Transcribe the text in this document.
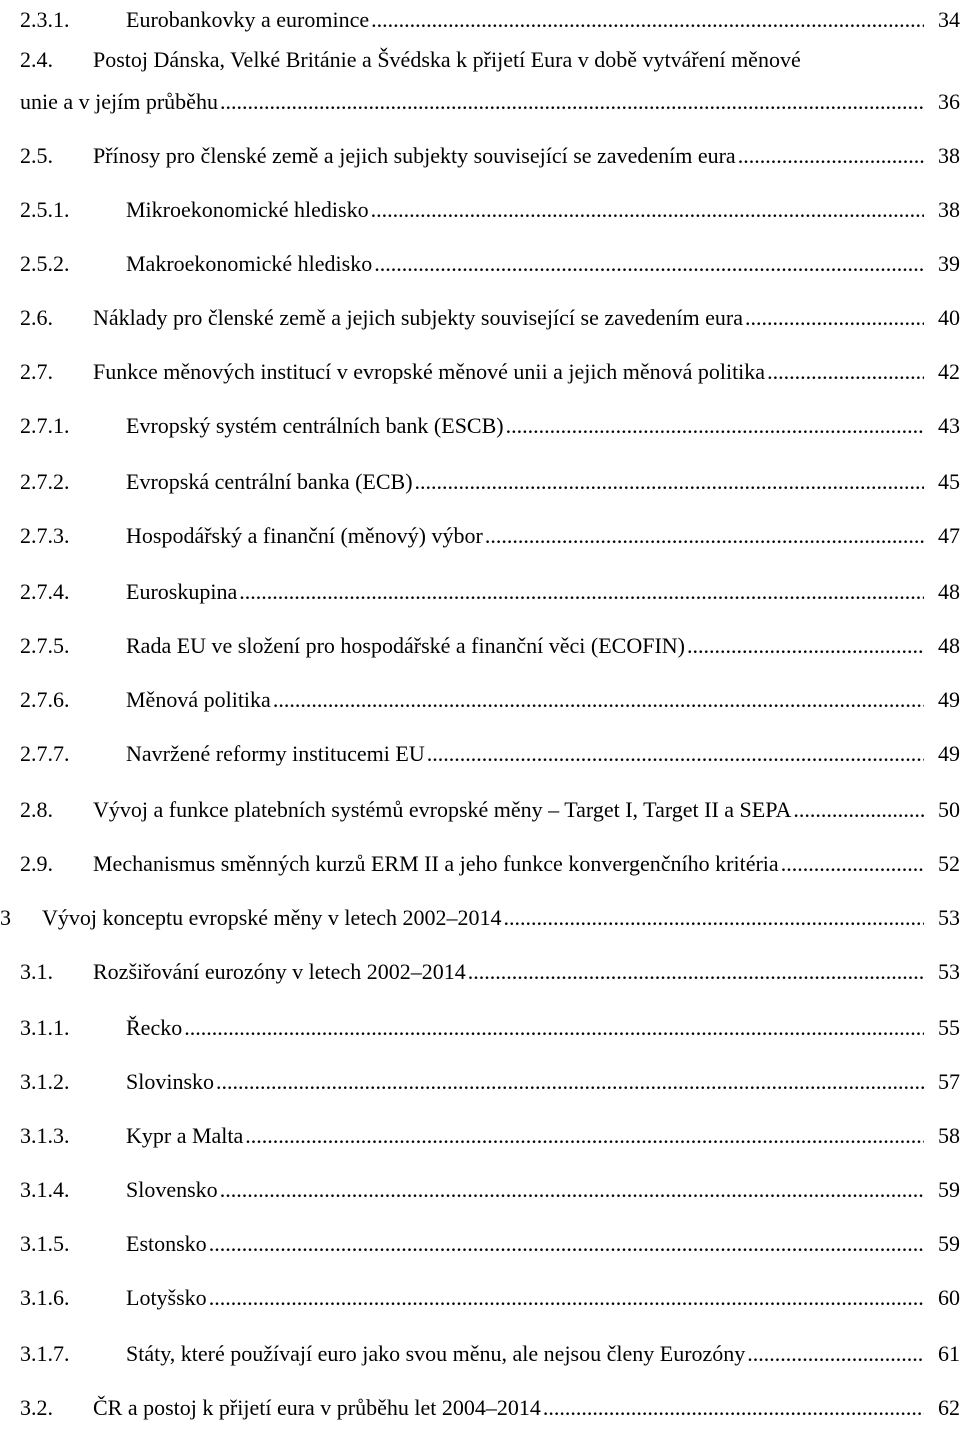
2.3.1.	Eurobankovky a euromince .....	34
2.4. Postoj Dánska, Velké Británie a Švédska k přijetí Eura v době vytváření měnové
unie a v jejím průběhu .....	36
2.5. Přínosy pro členské země a jejich subjekty související se zavedením eura .....	38
2.5.1.	Mikroekonomické hledisko .....	38
2.5.2.	Makroekonomické hledisko .....	39
2.6. Náklady pro členské země a jejich subjekty související se zavedením eura .....	40
2.7. Funkce měnových institucí v evropské měnové unii a jejich měnová politika .....	42
2.7.1.	Evropský systém centrálních bank (ESCB) .....	43
2.7.2.	Evropská centrální banka (ECB) .....	45
2.7.3.	Hospodářský a finanční (měnový) výbor .....	47
2.7.4.	Euroskupina .....	48
2.7.5.	Rada EU ve složení pro hospodářské a finanční věci (ECOFIN) .....	48
2.7.6.	Měnová politika .....	49
2.7.7.	Navržené reformy institucemi EU .....	49
2.8. Vývoj a funkce platebních systémů evropské měny – Target I, Target II a SEPA .....	50
2.9. Mechanismus směnných kurzů ERM II a jeho funkce konvergenčního kritéria .....	52
3 Vývoj konceptu evropské měny v letech 2002–2014 .....	53
3.1. Rozšiřování eurozóny v letech 2002–2014 .....	53
3.1.1.	Řecko .....	55
3.1.2.	Slovinsko .....	57
3.1.3.	Kypr a Malta .....	58
3.1.4.	Slovensko .....	59
3.1.5.	Estonsko .....	59
3.1.6.	Lotyšsko .....	60
3.1.7.	Státy, které používají euro jako svou měnu, ale nejsou členy Eurozóny .....	61
3.2. ČR a postoj k přijetí eura v průběhu let 2004–2014 .....	62
